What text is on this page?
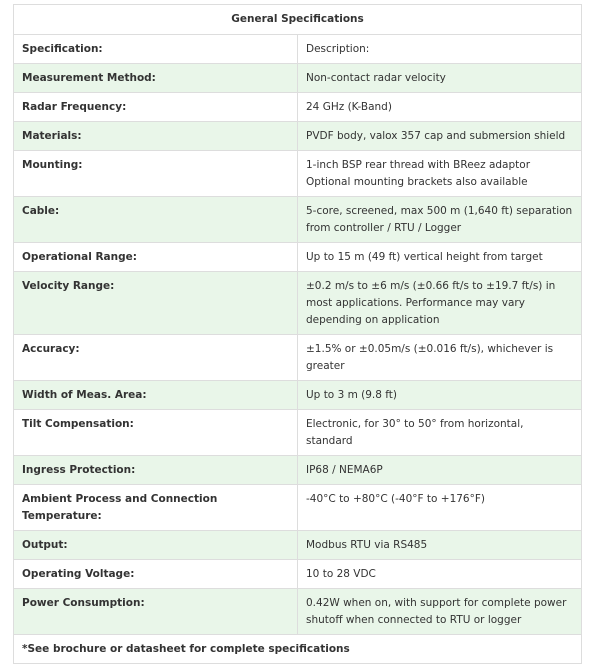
General Specifications	
Specification:	Description:
Measurement Method:	Non-contact radar velocity

Radar Frequency:	24 GHz (K-Band)

Materials:	PVDF body, valox 357 cap and submersion shield

Mounting:	1-inch BSP rear thread with BReez adaptor
Optional mounting brackets also available

Cable:	5-core, screened, max 500 m (1,640 ft) separation from controller / RTU / Logger

Operational Range:	Up to 15 m (49 ft) vertical height from target

Velocity Range:	±0.2 m/s to ±6 m/s (±0.66 ft/s to ±19.7 ft/s) in most applications. Performance may vary depending on application

Accuracy:	±1.5% or ±0.05m/s (±0.016 ft/s), whichever is greater

Width of Meas. Area:	Up to 3 m (9.8 ft)

Tilt Compensation:	Electronic, for 30° to 50° from horizontal, standard

Ingress Protection:	IP68 / NEMA6P

Ambient Process and Connection Temperature:	-40°C to +80°C (-40°F to +176°F)

Output:	Modbus RTU via RS485

Operating Voltage:	10 to 28 VDC

Power Consumption:	0.42W when on, with support for complete power shutoff when connected to RTU or logger

*See brochure or datasheet for complete specifications	
